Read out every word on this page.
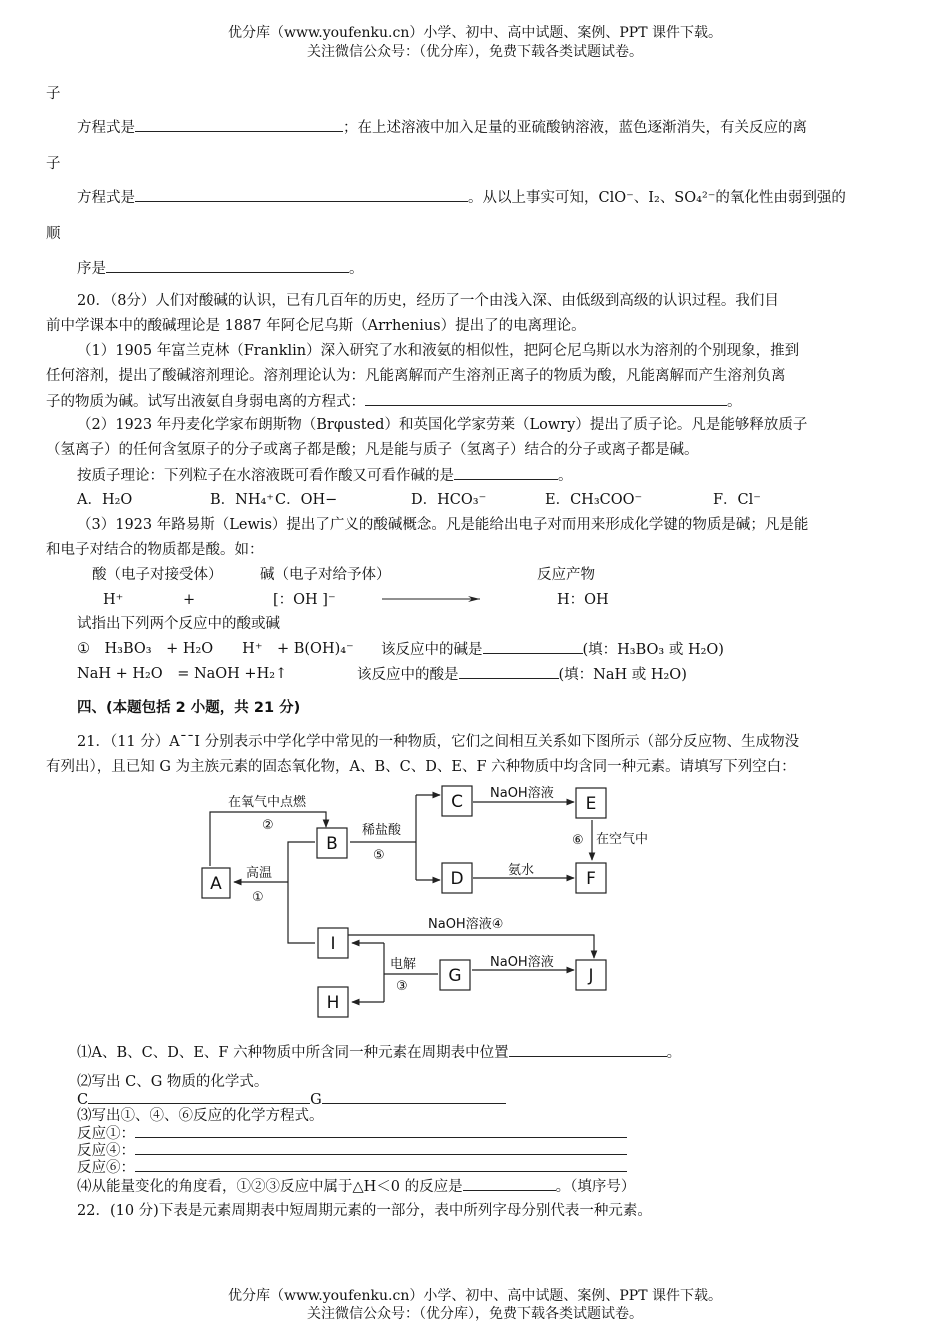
优分库（www.youfenku.cn）小学、初中、高中试题、案例、PPT 课件下载。
关注微信公众号：（优分库），免费下载各类试题试卷。
子
方程式是	；在上述溶液中加入足量的亚硫酸钠溶液，蓝色逐渐消失，有关反应的离
子
方程式是	。从以上事实可知，ClO⁻、I₂、SO₄²⁻的氧化性由弱到强的
顺
序是	。
20．（8分）人们对酸碱的认识，已有几百年的历史，经历了一个由浅入深、由低级到高级的认识过程。我们目
前中学课本中的酸碱理论是 1887 年阿仑尼乌斯（Arrhenius）提出了的电离理论。
（1）1905 年富兰克林（Franklin）深入研究了水和液氨的相似性，把阿仑尼乌斯以水为溶剂的个别现象，推到
任何溶剂，提出了酸碱溶剂理论。溶剂理论认为：凡能离解而产生溶剂正离子的物质为酸，凡能离解而产生溶剂负离
子的物质为碱。试写出液氨自身弱电离的方程式：	。
（2）1923 年丹麦化学家布朗斯物（Brφusted）和英国化学家劳莱（Lowry）提出了质子论。凡是能够释放质子
（氢离子）的任何含氢原子的分子或离子都是酸；凡是能与质子（氢离子）结合的分子或离子都是碱。
按质子理论：下列粒子在水溶液既可看作酸又可看作碱的是	。
A．H₂O	B．NH₄⁺ C．OH−	D．HCO₃⁻	E．CH₃COO⁻	F．Cl⁻
（3）1923 年路易斯（Lewis）提出了广义的酸碱概念。凡是能给出电子对而用来形成化学键的物质是碱；凡是能
和电子对结合的物质都是酸。如：
酸（电子对接受体）	碱（电子对给予体）	反应产物
H⁺	+	[：OH ]⁻	H：OH
试指出下列两个反应中的酸或碱
①　H₃BO₃　+ H₂O　　H⁺　+ B(OH)₄⁻ 该反应中的碱是	(填：H₃BO₃ 或 H₂O)
NaH + H₂O　= NaOH +H₂↑	该反应中的酸是	(填：NaH 或 H₂O)
四、(本题包括 2 小题，共 21 分)
21．（11 分）A¯¯I 分别表示中学化学中常见的一种物质，它们之间相互关系如下图所示（部分反应物、生成物没
有列出），且已知 G 为主族元素的固态氧化物，A、B、C、D、E、F 六种物质中均含同一种元素。请填写下列空白：
A
B
C
D
E
F
I
G
H
J
在氧气中点燃
②	稀盐酸
⑤
NaOH溶液
⑥ 在空气中
氨水
高温
①
NaOH溶液④
电解
③
NaOH溶液
⑴A、B、C、D、E、F 六种物质中所含同一种元素在周期表中位置	。
⑵写出 C、G 物质的化学式。
C	G
⑶写出①、④、⑥反应的化学方程式。
反应①：
反应④：
反应⑥：
⑷从能量变化的角度看，①②③反应中属于△H＜0 的反应是	。（填序号）
22．(10 分)下表是元素周期表中短周期元素的一部分，表中所列字母分别代表一种元素。
优分库（www.youfenku.cn）小学、初中、高中试题、案例、PPT 课件下载。
关注微信公众号：（优分库），免费下载各类试题试卷。
